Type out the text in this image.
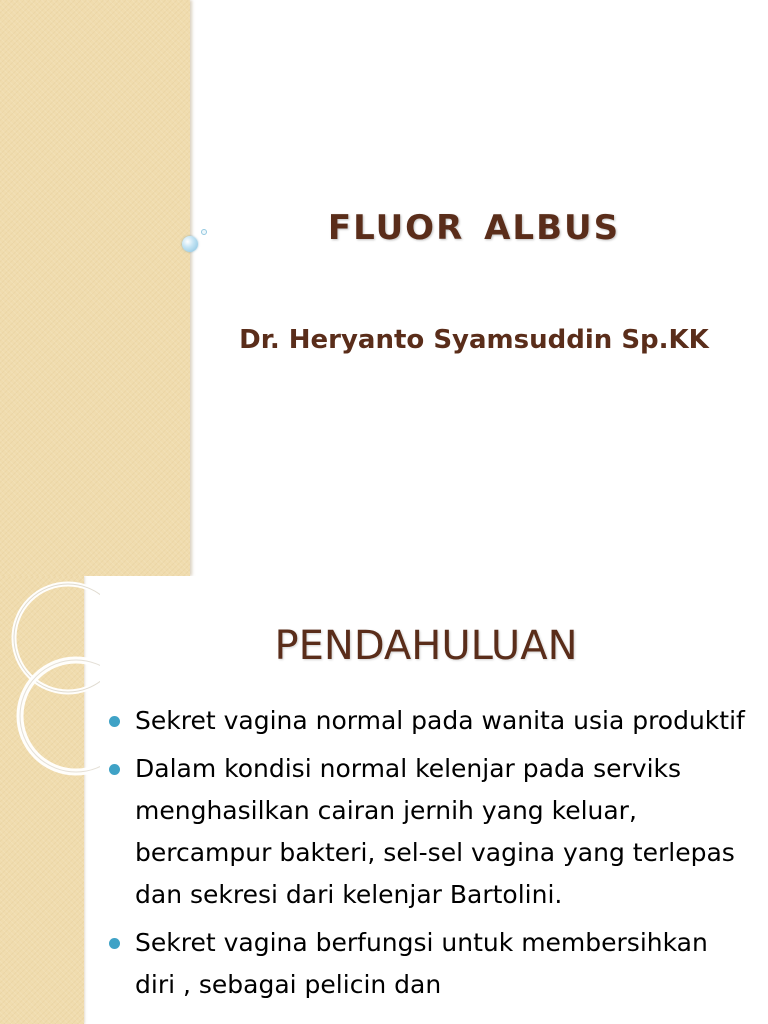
FLUOR ALBUS
Dr. Heryanto Syamsuddin Sp.KK
PENDAHULUAN
Sekret vagina normal pada wanita usia produktif
Dalam kondisi normal kelenjar pada serviks menghasilkan cairan jernih yang keluar, bercampur bakteri, sel-sel vagina yang terlepas dan sekresi dari kelenjar Bartolini.
Sekret vagina berfungsi untuk membersihkan diri , sebagai pelicin dan
